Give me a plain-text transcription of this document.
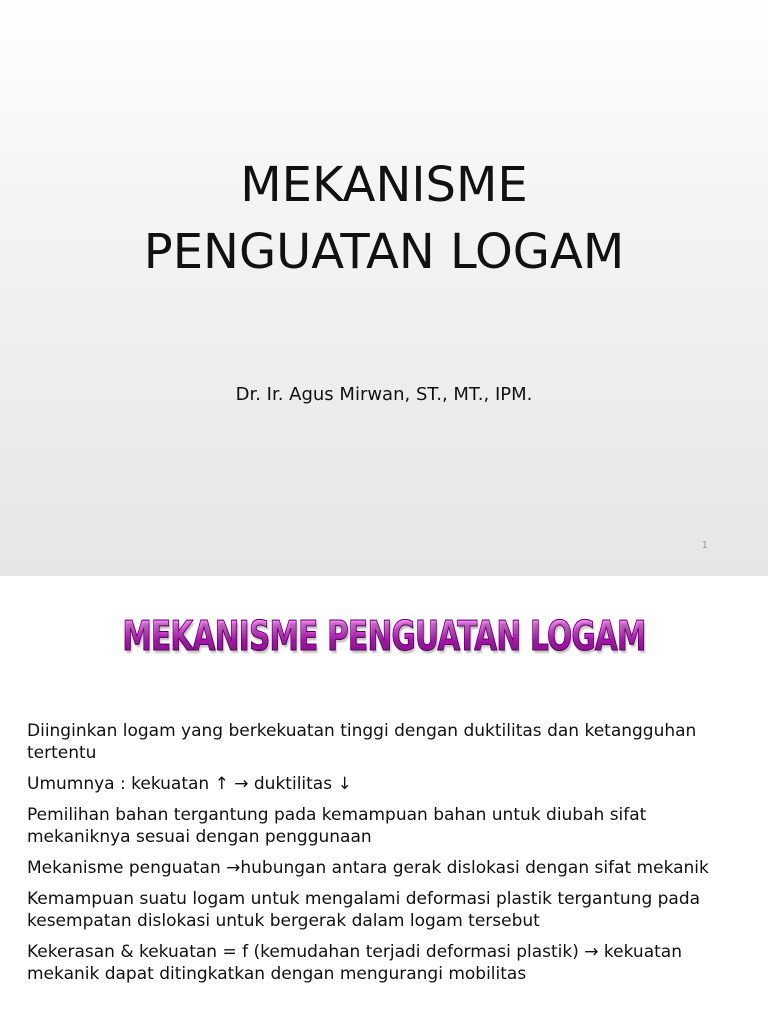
MEKANISME
PENGUATAN LOGAM
Dr. Ir. Agus Mirwan, ST., MT., IPM.
1
MEKANISME PENGUATAN LOGAM
Diinginkan logam yang berkekuatan tinggi dengan duktilitas dan ketangguhan tertentu
Umumnya : kekuatan ↑ → duktilitas ↓
Pemilihan bahan tergantung pada kemampuan bahan untuk diubah sifat mekaniknya sesuai dengan penggunaan
Mekanisme penguatan →hubungan antara gerak dislokasi dengan sifat mekanik
Kemampuan suatu logam untuk mengalami deformasi plastik tergantung pada kesempatan dislokasi untuk bergerak dalam logam tersebut
Kekerasan & kekuatan = f (kemudahan terjadi deformasi plastik) → kekuatan mekanik dapat ditingkatkan dengan mengurangi mobilitas
